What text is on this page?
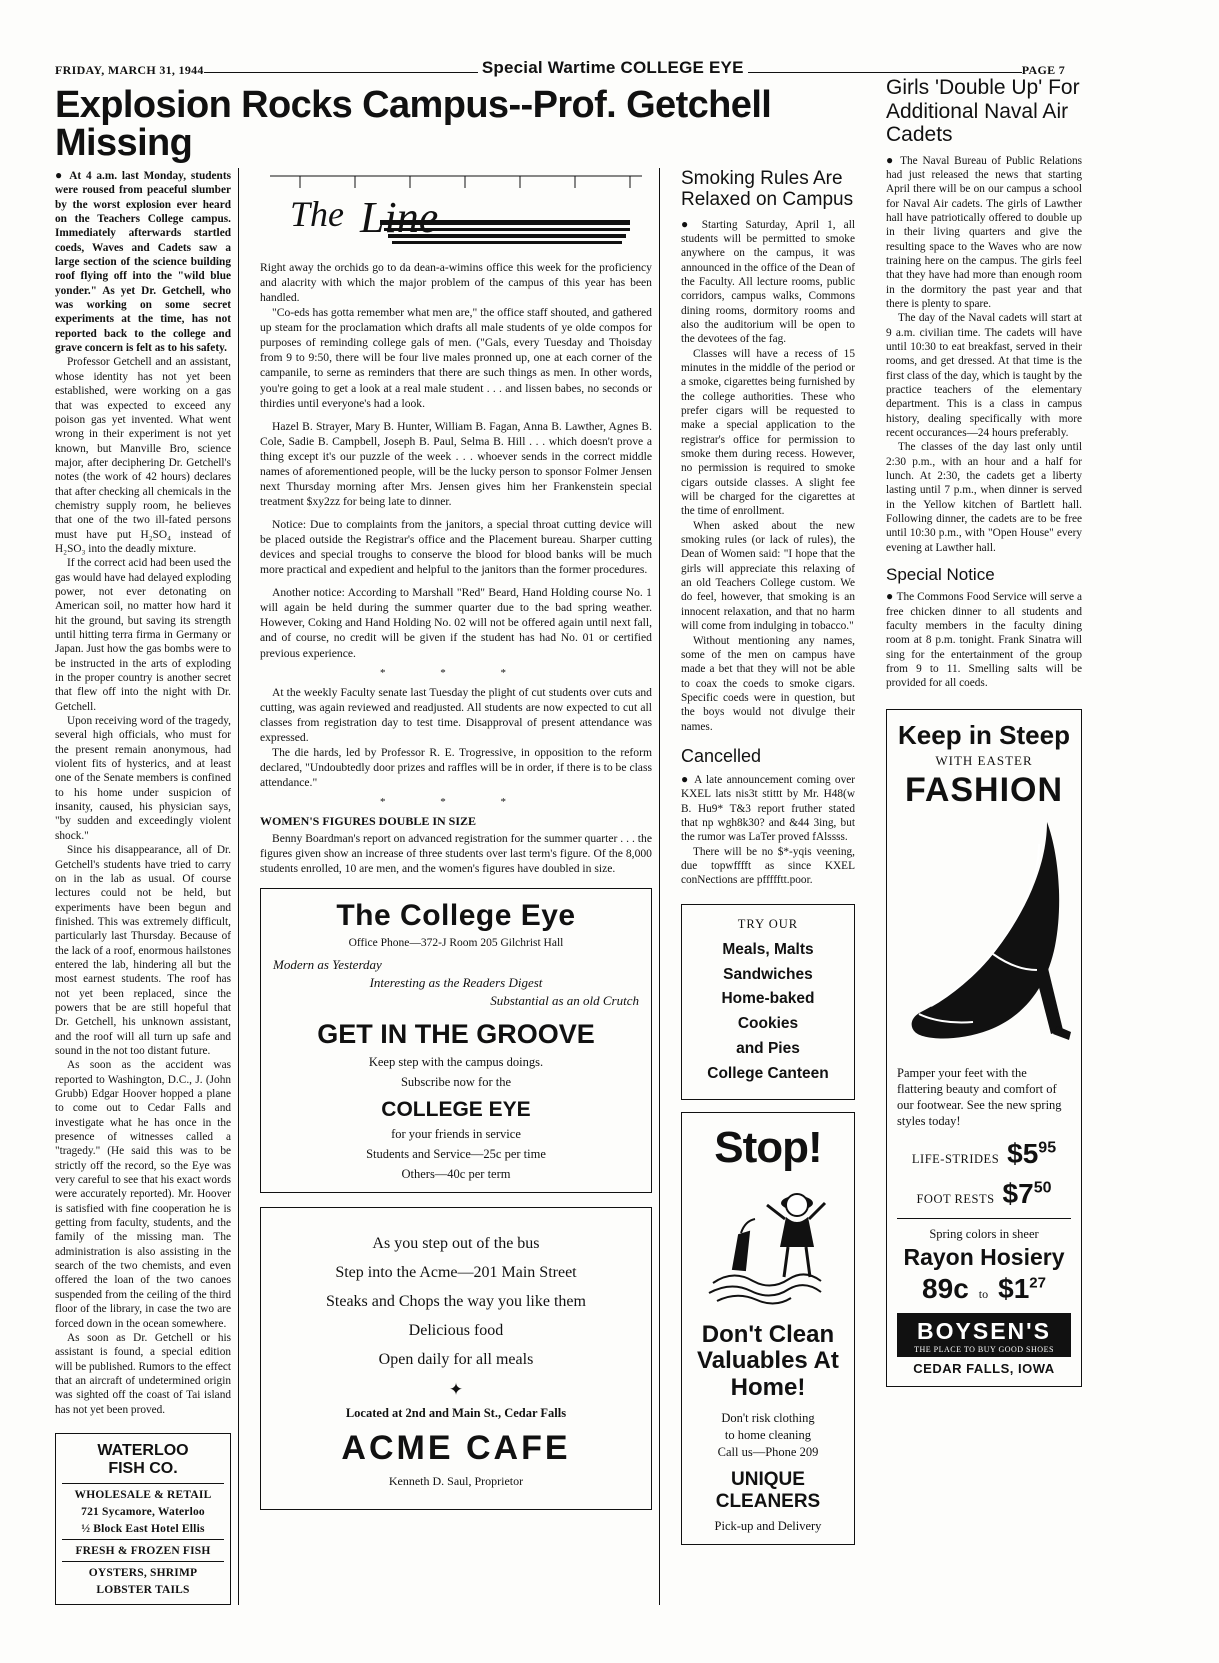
FRIDAY, MARCH 31, 1944	Special Wartime COLLEGE EYE	PAGE 7
Explosion Rocks Campus--Prof. Getchell Missing

● At 4 a.m. last Monday, students were roused from peaceful slumber by the worst explosion ever heard on the Teachers College campus. Immediately afterwards startled coeds, Waves and Cadets saw a large section of the science building roof flying off into the "wild blue yonder." As yet Dr. Getchell, who was working on some secret experiments at the time, has not reported back to the college and grave concern is felt as to his safety.

Professor Getchell and an assistant, whose identity has not yet been established, were working on a gas that was expected to exceed any poison gas yet invented. What went wrong in their experiment is not yet known, but Manville Bro, science major, after deciphering Dr. Getchell's notes (the work of 42 hours) declares that after checking all chemicals in the chemistry supply room, he believes that one of the two ill-fated persons must have put H₂SO₄ instead of H₂SO₃ into the deadly mixture.

If the correct acid had been used the gas would have had delayed exploding power, not ever detonating on American soil, no matter how hard it hit the ground, but saving its strength until hitting terra firma in Germany or Japan. Just how the gas bombs were to be instructed in the arts of exploding in the proper country is another secret that flew off into the night with Dr. Getchell.

Upon receiving word of the tragedy, several high officials, who must for the present remain anonymous, had violent fits of hysterics, and at least one of the Senate members is confined to his home under suspicion of insanity, caused, his physician says, "by sudden and exceedingly violent shock."

Since his disappearance, all of Dr. Getchell's students have tried to carry on in the lab as usual. Of course lectures could not be held, but experiments have been begun and finished. This was extremely difficult, particularly last Thursday. Because of the lack of a roof, enormous hailstones entered the lab, hindering all but the most earnest students. The roof has not yet been replaced, since the powers that be are still hopeful that Dr. Getchell, his unknown assistant, and the roof will all turn up safe and sound in the not too distant future.

As soon as the accident was reported to Washington, D.C., J. (John Grubb) Edgar Hoover hopped a plane to come out to Cedar Falls and investigate what he has once in the presence of witnesses called a "tragedy." (He said this was to be strictly off the record, so the Eye was very careful to see that his exact words were accurately reported). Mr. Hoover is satisfied with fine cooperation he is getting from faculty, students, and the family of the missing man. The administration is also assisting in the search of the two chemists, and even offered the loan of the two canoes suspended from the ceiling of the third floor of the library, in case the two are forced down in the ocean somewhere.

As soon as Dr. Getchell or his assistant is found, a special edition will be published. Rumors to the effect that an aircraft of undetermined origin was sighted off the coast of Tai island has not yet been proved.

WATERLOO
FISH CO.
WHOLESALE & RETAIL
721 Sycamore, Waterloo
½ Block East Hotel Ellis
FRESH & FROZEN FISH
OYSTERS, SHRIMP
LOBSTER TAILS
The Line

Right away the orchids go to da dean-a-wimins office this week for the proficiency and alacrity with which the major problem of the campus of this year has been handled.

"Co-eds has gotta remember what men are," the office staff shouted, and gathered up steam for the proclamation which drafts all male students of ye olde compos for purposes of reminding college gals of men. ("Gals, every Tuesday and Thoisday from 9 to 9:50, there will be four live males pronned up, one at each corner of the campanile, to serne as reminders that there are such things as men. In other words, you're going to get a look at a real male student . . . and lissen babes, no seconds or thirdies until everyone's had a look.

Hazel B. Strayer, Mary B. Hunter, William B. Fagan, Anna B. Lawther, Agnes B. Cole, Sadie B. Campbell, Joseph B. Paul, Selma B. Hill . . . which doesn't prove a thing except it's our puzzle of the week . . . whoever sends in the correct middle names of aforementioned people, will be the lucky person to sponsor Folmer Jensen next Thursday morning after Mrs. Jensen gives him her Frankenstein special treatment $xy2zz for being late to dinner.

Notice: Due to complaints from the janitors, a special throat cutting device will be placed outside the Registrar's office and the Placement bureau. Sharper cutting devices and special troughs to conserve the blood for blood banks will be much more practical and expedient and helpful to the janitors than the former procedures.

Another notice: According to Marshall "Red" Beard, Hand Holding course No. 1 will again be held during the summer quarter due to the bad spring weather. However, Coking and Hand Holding No. 02 will not be offered again until next fall, and of course, no credit will be given if the student has had No. 01 or certified previous experience.

* * *

At the weekly Faculty senate last Tuesday the plight of cut students over cuts and cutting, was again reviewed and readjusted. All students are now expected to cut all classes from registration day to test time. Disapproval of present attendance was expressed.

The die hards, led by Professor R. E. Trogressive, in opposition to the reform declared, "Undoubtedly door prizes and raffles will be in order, if there is to be class attendance."

* * *
WOMEN'S FIGURES DOUBLE IN SIZE

Benny Boardman's report on advanced registration for the summer quarter . . . the figures given show an increase of three students over last term's figure. Of the 8,000 students enrolled, 10 are men, and the women's figures have doubled in size.

The College Eye
Office Phone—372-J Room 205 Gilchrist Hall
Modern as Yesterday
Interesting as the Readers Digest
Substantial as an old Crutch
GET IN THE GROOVE
Keep step with the campus doings.
Subscribe now for the
COLLEGE EYE
for your friends in service
Students and Service—25c per time
Others—40c per term
As you step out of the bus
Step into the Acme—201 Main Street
Steaks and Chops the way you like them
Delicious food
Open daily for all meals
✦
Located at 2nd and Main St., Cedar Falls
ACME CAFE
Kenneth D. Saul, Proprietor
Smoking Rules Are Relaxed on Campus

● Starting Saturday, April 1, all students will be permitted to smoke anywhere on the campus, it was announced in the office of the Dean of the Faculty. All lecture rooms, public corridors, campus walks, Commons dining rooms, dormitory rooms and also the auditorium will be open to the devotees of the fag.

Classes will have a recess of 15 minutes in the middle of the period or a smoke, cigarettes being furnished by the college authorities. These who prefer cigars will be requested to make a special application to the registrar's office for permission to smoke them during recess. However, no permission is required to smoke cigars outside classes. A slight fee will be charged for the cigarettes at the time of enrollment.

When asked about the new smoking rules (or lack of rules), the Dean of Women said: "I hope that the girls will appreciate this relaxing of an old Teachers College custom. We do feel, however, that smoking is an innocent relaxation, and that no harm will come from indulging in tobacco."

Without mentioning any names, some of the men on campus have made a bet that they will not be able to coax the coeds to smoke cigars. Specific coeds were in question, but the boys would not divulge their names.

Cancelled

● A late announcement coming over KXEL lats nis3t stittt by Mr. H48(w B. Hu9* T&3 report fruther stated that np wgh8k30? and &44 3ing, but the rumor was LaTer proved fAlssss.

There will be no $*-yqis veening, due topwfffft as since KXEL conNections are pffffftt.poor.

TRY OUR
Meals, Malts
Sandwiches
Home-baked Cookies
and Pies
College Canteen
Stop!
Don't Clean Valuables At Home!
Don't risk clothing
to home cleaning
Call us—Phone 209
UNIQUE CLEANERS
Pick-up and Delivery
Girls 'Double Up' For Additional Naval Air Cadets

● The Naval Bureau of Public Relations had just released the news that starting April there will be on our campus a school for Naval Air cadets. The girls of Lawther hall have patriotically offered to double up in their living quarters and give the resulting space to the Waves who are now training here on the campus. The girls feel that they have had more than enough room in the dormitory the past year and that there is plenty to spare.

The day of the Naval cadets will start at 9 a.m. civilian time. The cadets will have until 10:30 to eat breakfast, served in their rooms, and get dressed. At that time is the first class of the day, which is taught by the practice teachers of the elementary department. This is a class in campus history, dealing specifically with more recent occurances—24 hours preferably.

The classes of the day last only until 2:30 p.m., with an hour and a half for lunch. At 2:30, the cadets get a liberty lasting until 7 p.m., when dinner is served in the Yellow kitchen of Bartlett hall. Following dinner, the cadets are to be free until 10:30 p.m., with "Open House" every evening at Lawther hall.

Special Notice

● The Commons Food Service will serve a free chicken dinner to all students and faculty members in the faculty dining room at 8 p.m. tonight. Frank Sinatra will sing for the entertainment of the group from 9 to 11. Smelling salts will be provided for all coeds.

Keep in Steep
WITH EASTER
FASHION
Pamper your feet with the flattering beauty and comfort of our footwear. See the new spring styles today!
LIFE-STRIDES $\$5^{95}$
FOOT RESTS $\$7^{50}$
Spring colors in sheer
Rayon Hosiery
89c to $\$1^{27}$
BOYSEN'S
THE PLACE TO BUY GOOD SHOES
CEDAR FALLS, IOWA
